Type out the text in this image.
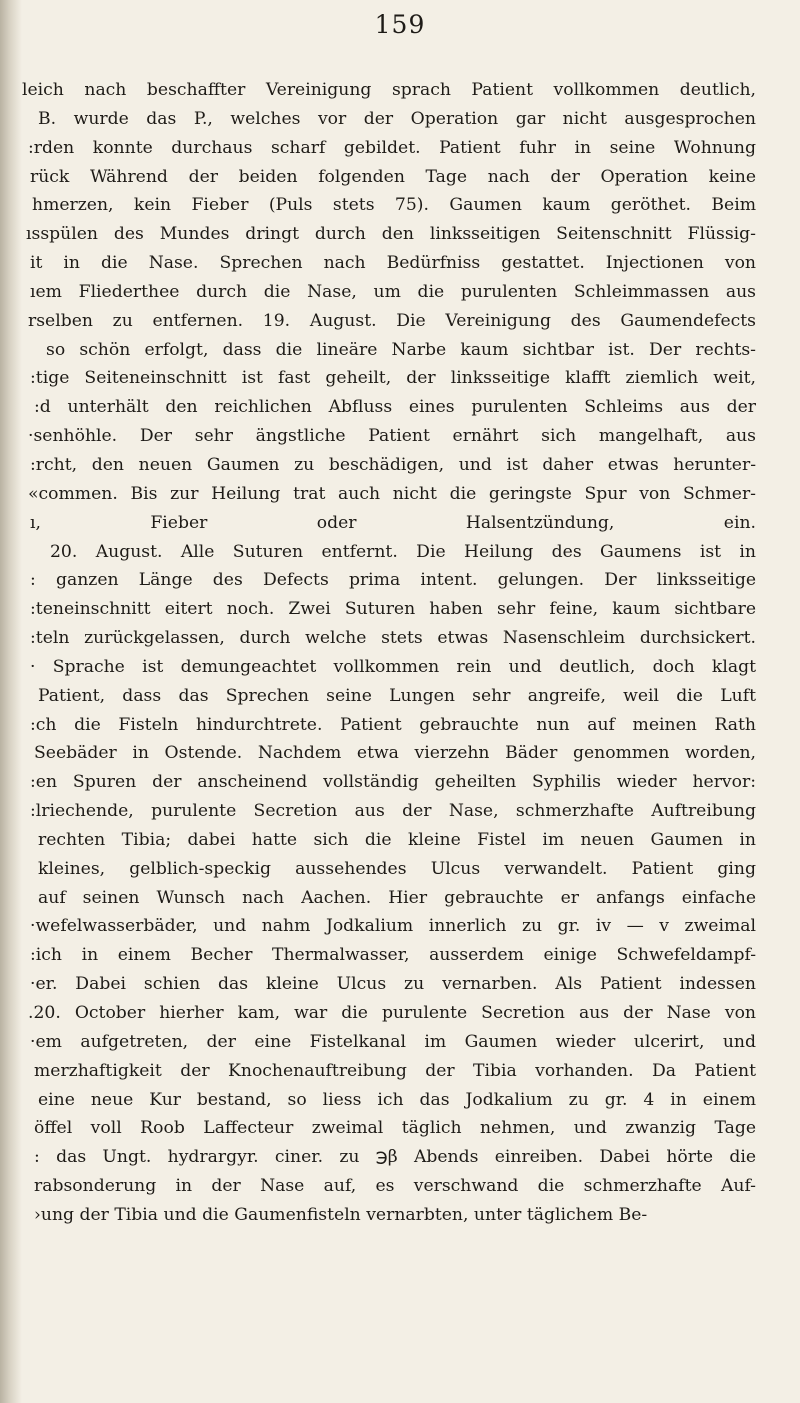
159

leich nach beschaffter Vereinigung sprach Patient vollkommen deutlich,
B. wurde das P., welches vor der Operation gar nicht ausgesprochen
:rden konnte durchaus scharf gebildet. Patient fuhr in seine Wohnung
rück Während der beiden folgenden Tage nach der Operation keine
hmerzen, kein Fieber (Puls stets 75). Gaumen kaum geröthet. Beim
ısspülen des Mundes dringt durch den linksseitigen Seitenschnitt Flüssig-
it in die Nase. Sprechen nach Bedürfniss gestattet. Injectionen von
ıem Fliederthee durch die Nase, um die purulenten Schleimmassen aus
rselben zu entfernen. 19. August. Die Vereinigung des Gaumendefects
so schön erfolgt, dass die lineäre Narbe kaum sichtbar ist. Der rechts-
:tige Seiteneinschnitt ist fast geheilt, der linksseitige klafft ziemlich weit,
:d unterhält den reichlichen Abfluss eines purulenten Schleims aus der
·senhöhle. Der sehr ängstliche Patient ernährt sich mangelhaft, aus
:rcht, den neuen Gaumen zu beschädigen, und ist daher etwas herunter-
«commen. Bis zur Heilung trat auch nicht die geringste Spur von Schmer-
ı, Fieber oder Halsentzündung, ein.
20. August. Alle Suturen entfernt. Die Heilung des Gaumens ist in
: ganzen Länge des Defects prima intent. gelungen. Der linksseitige
:teneinschnitt eitert noch. Zwei Suturen haben sehr feine, kaum sichtbare
:teln zurückgelassen, durch welche stets etwas Nasenschleim durchsickert.
· Sprache ist demungeachtet vollkommen rein und deutlich, doch klagt
Patient, dass das Sprechen seine Lungen sehr angreife, weil die Luft
:ch die Fisteln hindurchtrete. Patient gebrauchte nun auf meinen Rath
Seebäder in Ostende. Nachdem etwa vierzehn Bäder genommen worden,
:en Spuren der anscheinend vollständig geheilten Syphilis wieder hervor:
:lriechende, purulente Secretion aus der Nase, schmerzhafte Auftreibung
rechten Tibia; dabei hatte sich die kleine Fistel im neuen Gaumen in
kleines, gelblich-speckig aussehendes Ulcus verwandelt. Patient ging
auf seinen Wunsch nach Aachen. Hier gebrauchte er anfangs einfache
·wefelwasserbäder, und nahm Jodkalium innerlich zu gr. iv — v zweimal
:ich in einem Becher Thermalwasser, ausserdem einige Schwefeldampf-
·er. Dabei schien das kleine Ulcus zu vernarben. Als Patient indessen
.20. October hierher kam, war die purulente Secretion aus der Nase von
·em aufgetreten, der eine Fistelkanal im Gaumen wieder ulcerirt, und
merzhaftigkeit der Knochenauftreibung der Tibia vorhanden. Da Patient
eine neue Kur bestand, so liess ich das Jodkalium zu gr. 4 in einem
öffel voll Roob Laffecteur zweimal täglich nehmen, und zwanzig Tage
: das Ungt. hydrargyr. ciner. zu ℈β Abends einreiben. Dabei hörte die
rabsonderung in der Nase auf, es verschwand die schmerzhafte Auf-
›ung der Tibia und die Gaumenfisteln vernarbten, unter täglichem Be-
